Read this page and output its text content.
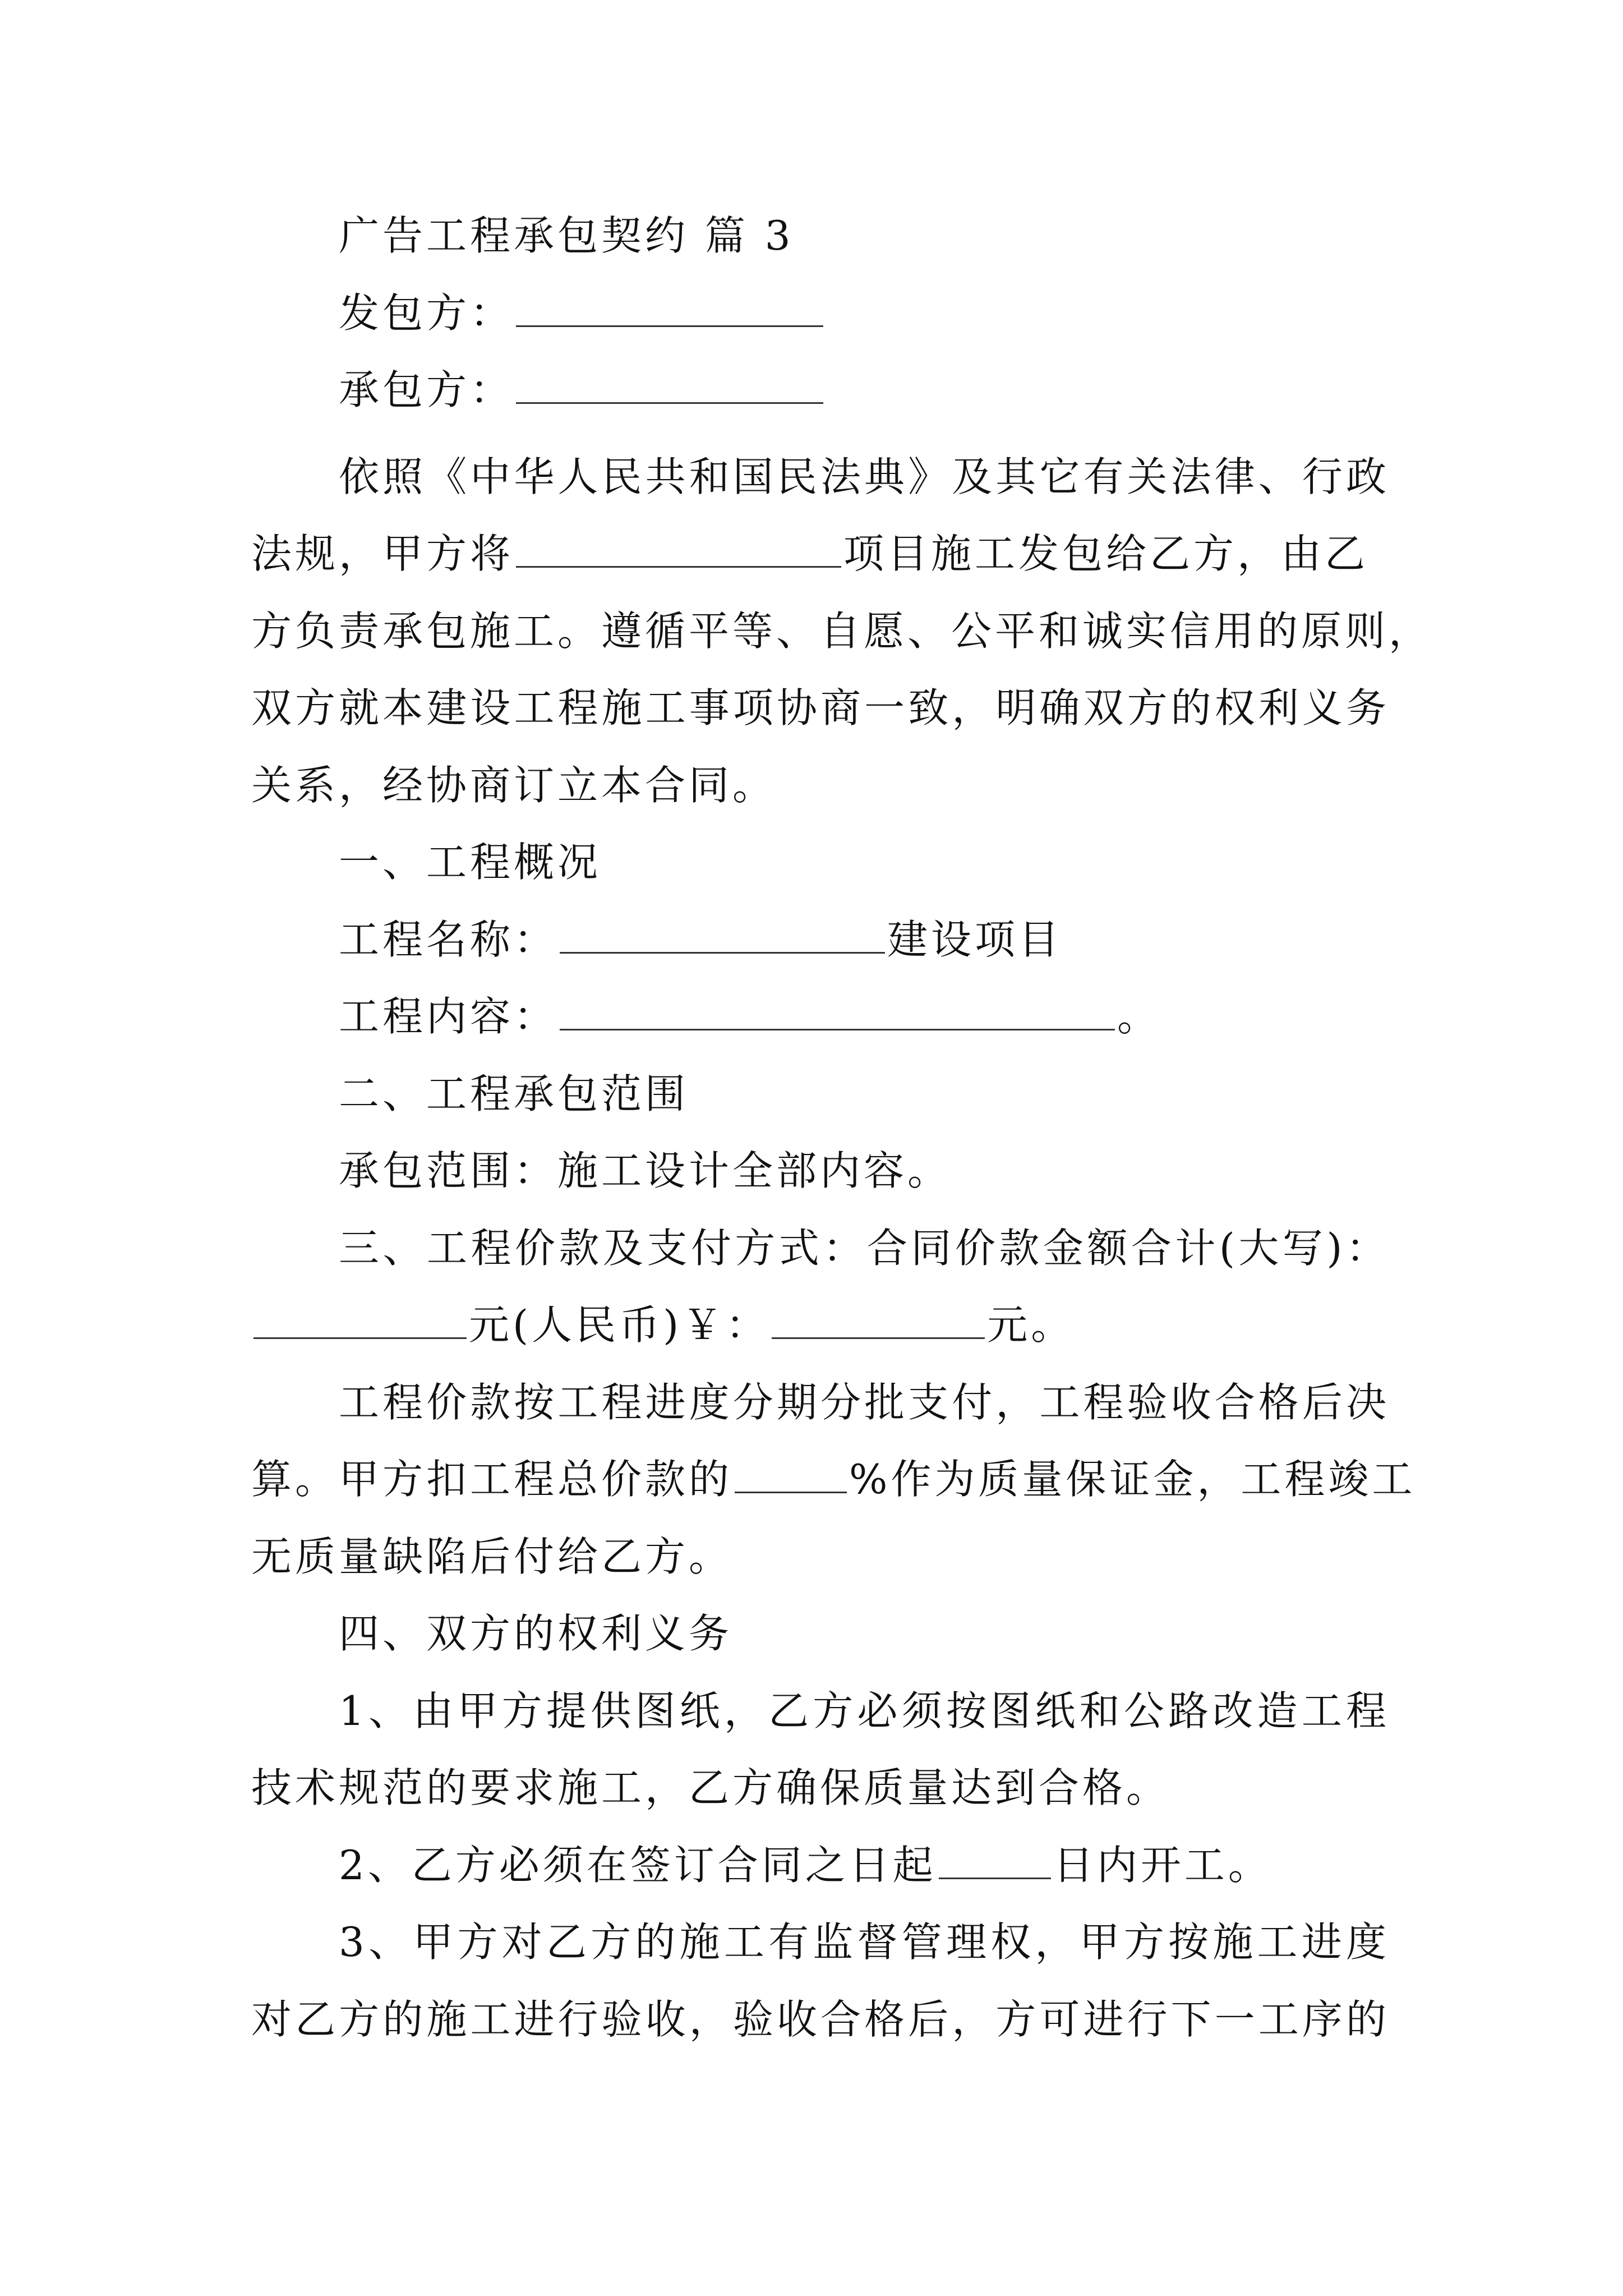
广告工程承包契约 篇 3
发包方：
承包方：
依照《中华人民共和国民法典》及其它有关法律、行政
法规，甲方将	项目施工发包给乙方，由乙
方负责承包施工。遵循平等、自愿、公平和诚实信用的原则，
双方就本建设工程施工事项协商一致，明确双方的权利义务
关系，经协商订立本合同。
一、工程概况
工程名称：	建设项目
工程内容：	。
二、工程承包范围
承包范围：施工设计全部内容。
三、工程价款及支付方式：合同价款金额合计(大写)：
元(人民币)￥：	元。
工程价款按工程进度分期分批支付，工程验收合格后决
算。甲方扣工程总价款的	%作为质量保证金，工程竣工
无质量缺陷后付给乙方。
四、双方的权利义务
1、由甲方提供图纸，乙方必须按图纸和公路改造工程
技术规范的要求施工，乙方确保质量达到合格。
2、乙方必须在签订合同之日起	日内开工。
3、甲方对乙方的施工有监督管理权，甲方按施工进度
对乙方的施工进行验收，验收合格后，方可进行下一工序的
